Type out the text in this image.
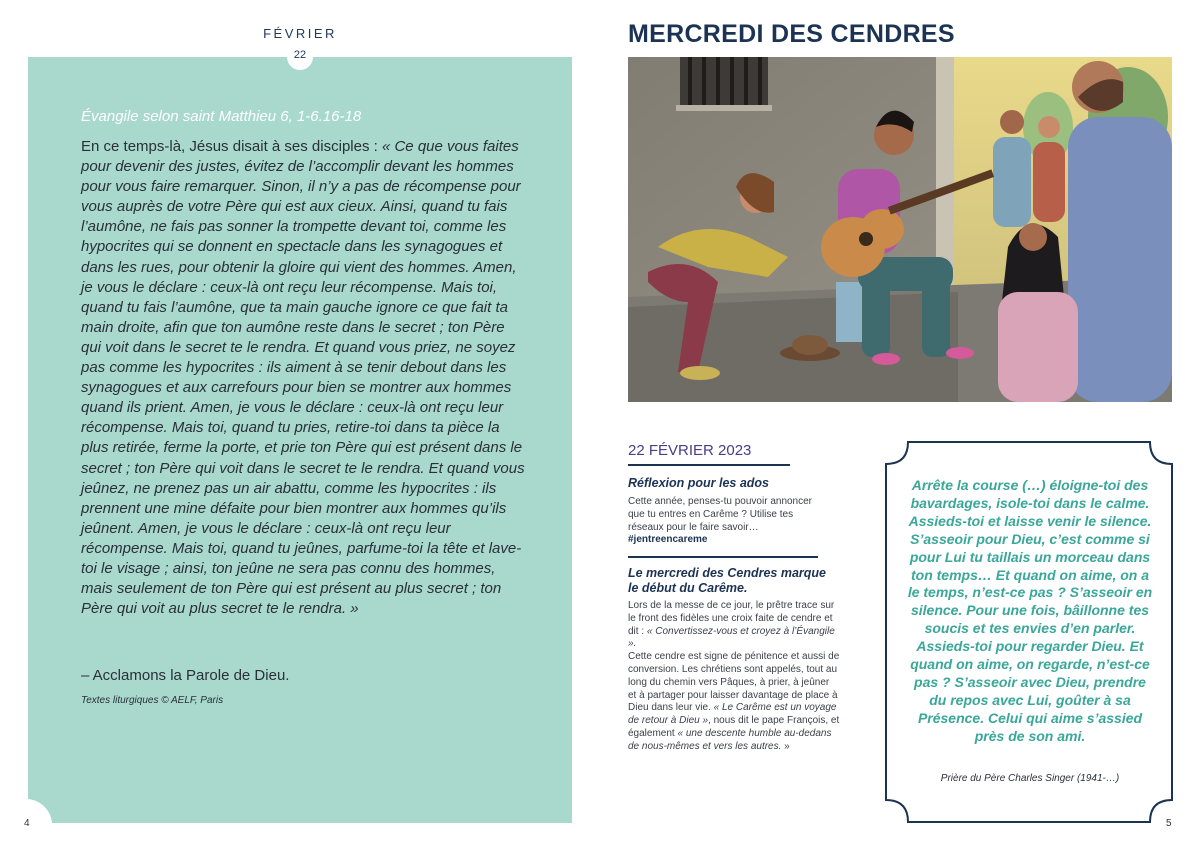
FÉVRIER
22
Évangile selon saint Matthieu 6, 1-6.16-18
En ce temps-là, Jésus disait à ses disciples : « Ce que vous faites pour devenir des justes, évitez de l’accomplir devant les hommes pour vous faire remarquer. Sinon, il n’y a pas de récompense pour vous auprès de votre Père qui est aux cieux. Ainsi, quand tu fais l’aumône, ne fais pas sonner la trompette devant toi, comme les hypocrites qui se donnent en spectacle dans les synagogues et dans les rues, pour obtenir la gloire qui vient des hommes. Amen, je vous le déclare : ceux-là ont reçu leur récompense. Mais toi, quand tu fais l’aumône, que ta main gauche ignore ce que fait ta main droite, afin que ton aumône reste dans le secret ; ton Père qui voit dans le secret te le rendra. Et quand vous priez, ne soyez pas comme les hypocrites : ils aiment à se tenir debout dans les synagogues et aux carrefours pour bien se montrer aux hommes quand ils prient. Amen, je vous le déclare : ceux-là ont reçu leur récompense. Mais toi, quand tu pries, retire-toi dans ta pièce la plus retirée, ferme la porte, et prie ton Père qui est présent dans le secret ; ton Père qui voit dans le secret te le rendra. Et quand vous jeûnez, ne prenez pas un air abattu, comme les hypocrites : ils prennent une mine défaite pour bien montrer aux hommes qu’ils jeûnent. Amen, je vous le déclare : ceux-là ont reçu leur récompense. Mais toi, quand tu jeûnes, parfume-toi la tête et lave-toi le visage ; ainsi, ton jeûne ne sera pas connu des hommes, mais seulement de ton Père qui est présent au plus secret ; ton Père qui voit au plus secret te le rendra. »
– Acclamons la Parole de Dieu.
Textes liturgiques © AELF, Paris
4
MERCREDI DES CENDRES
22 FÉVRIER 2023
Réflexion pour les ados
Cette année, penses-tu pouvoir annoncer que tu entres en Carême ? Utilise tes réseaux pour le faire savoir…
#jentreencareme
Le mercredi des Cendres marque le début du Carême.
Lors de la messe de ce jour, le prêtre trace sur le front des fidèles une croix faite de cendre et dit : « Convertissez-vous et croyez à l’Évangile ».
Cette cendre est signe de pénitence et aussi de conversion. Les chrétiens sont appelés, tout au long du chemin vers Pâques, à prier, à jeûner et à partager pour laisser davantage de place à Dieu dans leur vie. « Le Carême est un voyage de retour à Dieu », nous dit le pape François, et également « une descente humble au-dedans de nous-mêmes et vers les autres. »
Arrête la course (…) éloigne-toi des bavardages, isole-toi dans le calme. Assieds-toi et laisse venir le silence. S’asseoir pour Dieu, c’est comme si pour Lui tu taillais un morceau dans ton temps… Et quand on aime, on a le temps, n’est-ce pas ? S’asseoir en silence. Pour une fois, bâillonne tes soucis et tes envies d’en parler. Assieds-toi pour regarder Dieu. Et quand on aime, on regarde, n’est-ce pas ? S’asseoir avec Dieu, prendre du repos avec Lui, goûter à sa Présence. Celui qui aime s’assied près de son ami.
Prière du Père Charles Singer (1941-…)
5
